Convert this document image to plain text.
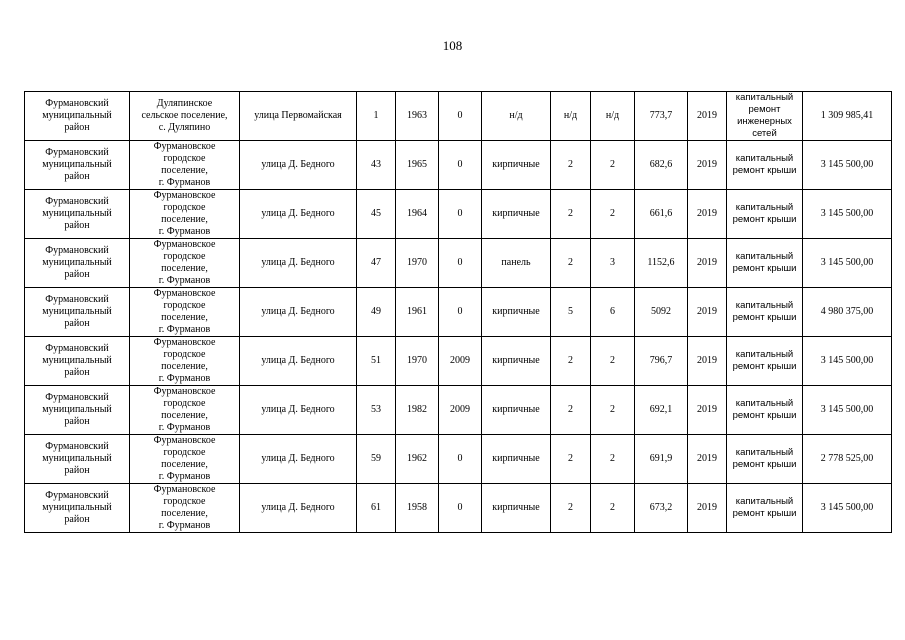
108
Фурмановский
муниципальный
район	Дуляпинское
сельское поселение,
с. Дуляпино	улица Первомайская	1	1963	0	н/д	н/д	н/д	773,7	2019	капитальный
ремонт
инженерных
сетей	1 309 985,41

Фурмановский
муниципальный
район	Фурмановское
городское
поселение,
г. Фурманов	улица Д. Бедного	43	1965	0	кирпичные	2	2	682,6	2019	капитальный
ремонт крыши	3 145 500,00

Фурмановский
муниципальный
район	Фурмановское
городское
поселение,
г. Фурманов	улица Д. Бедного	45	1964	0	кирпичные	2	2	661,6	2019	капитальный
ремонт крыши	3 145 500,00

Фурмановский
муниципальный
район	Фурмановское
городское
поселение,
г. Фурманов	улица Д. Бедного	47	1970	0	панель	2	3	1152,6	2019	капитальный
ремонт крыши	3 145 500,00

Фурмановский
муниципальный
район	Фурмановское
городское
поселение,
г. Фурманов	улица Д. Бедного	49	1961	0	кирпичные	5	6	5092	2019	капитальный
ремонт крыши	4 980 375,00

Фурмановский
муниципальный
район	Фурмановское
городское
поселение,
г. Фурманов	улица Д. Бедного	51	1970	2009	кирпичные	2	2	796,7	2019	капитальный
ремонт крыши	3 145 500,00

Фурмановский
муниципальный
район	Фурмановское
городское
поселение,
г. Фурманов	улица Д. Бедного	53	1982	2009	кирпичные	2	2	692,1	2019	капитальный
ремонт крыши	3 145 500,00

Фурмановский
муниципальный
район	Фурмановское
городское
поселение,
г. Фурманов	улица Д. Бедного	59	1962	0	кирпичные	2	2	691,9	2019	капитальный
ремонт крыши	2 778 525,00

Фурмановский
муниципальный
район	Фурмановское
городское
поселение,
г. Фурманов	улица Д. Бедного	61	1958	0	кирпичные	2	2	673,2	2019	капитальный
ремонт крыши	3 145 500,00
